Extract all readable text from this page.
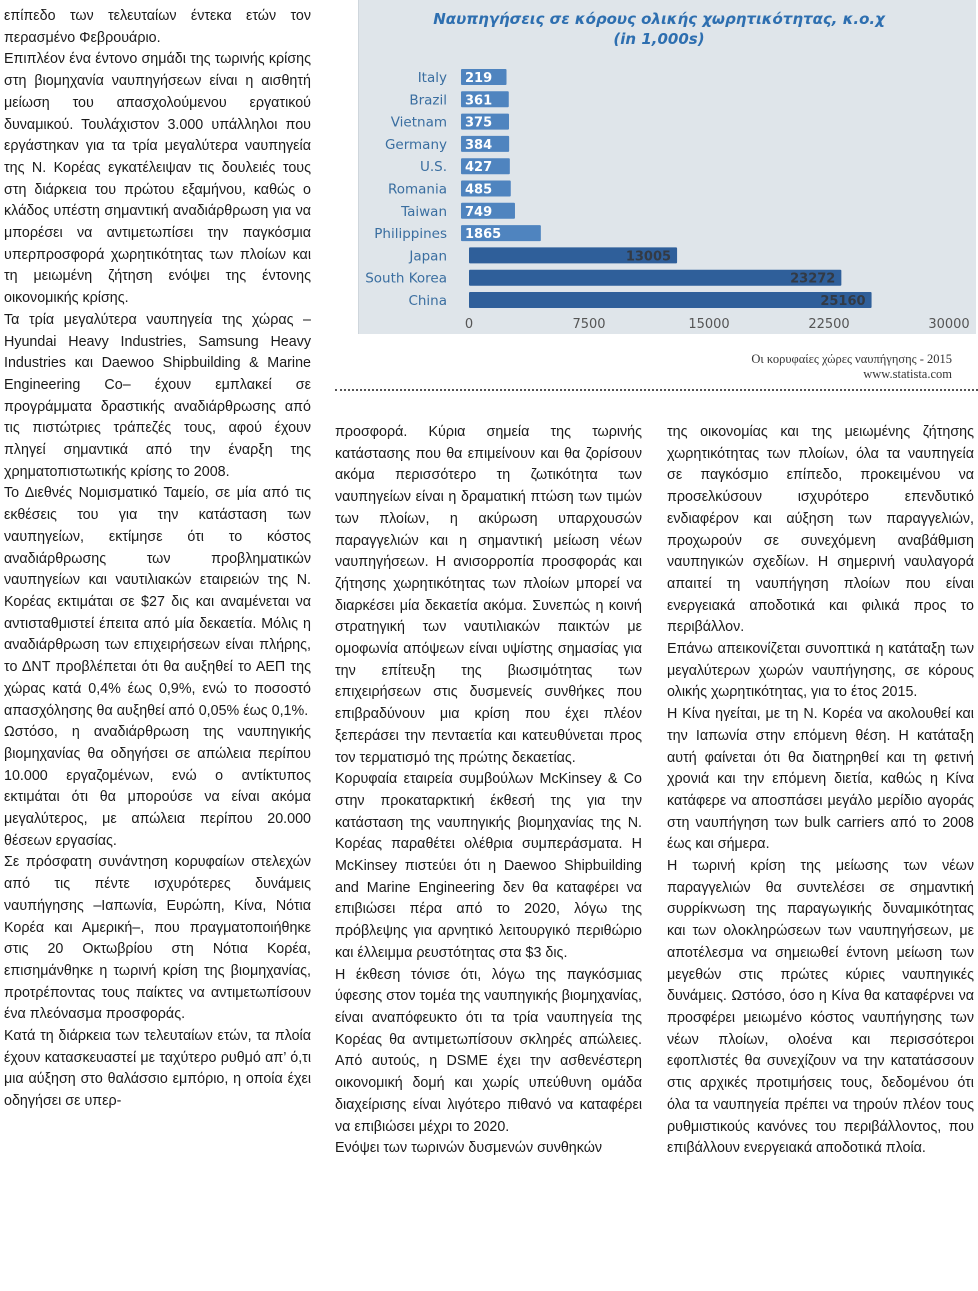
επίπεδο των τελευταίων έντεκα ετών τον περασμένο Φεβρουάριο.

Επιπλέον ένα έντονο σημάδι της τωρινής κρίσης στη βιομηχανία ναυπηγήσεων είναι η αισθητή μείωση του απασχολούμενου εργατικού δυναμικού. Τουλάχιστον 3.000 υπάλληλοι που εργάστηκαν για τα τρία μεγαλύτερα ναυπηγεία της Ν. Κορέας εγκατέλειψαν τις δουλειές τους στη διάρκεια του πρώτου εξαμήνου, καθώς ο κλάδος υπέστη σημαντική αναδιάρθρωση για να μπορέσει να αντιμετωπίσει την παγκόσμια υπερπροσφορά χωρητικότητας των πλοίων και τη μειωμένη ζήτηση ενόψει της έντονης οικονομικής κρίσης.

Τα τρία μεγαλύτερα ναυπηγεία της χώρας –Hyundai Heavy Industries, Samsung Heavy Industries και Daewoo Shipbuilding & Marine Engineering Co– έχουν εμπλακεί σε προγράμματα δραστικής αναδιάρθρωσης από τις πιστώτριες τράπεζές τους, αφού έχουν πληγεί σημαντικά από την έναρξη της χρηματοπιστωτικής κρίσης το 2008.

Το Διεθνές Νομισματικό Ταμείο, σε μία από τις εκθέσεις του για την κατάσταση των ναυπηγείων, εκτίμησε ότι το κόστος αναδιάρθρωσης των προβληματικών ναυπηγείων και ναυτιλιακών εταιρειών της Ν. Κορέας εκτιμάται σε $27 δις και αναμένεται να αντισταθμιστεί έπειτα από μία δεκαετία. Μόλις η αναδιάρθρωση των επιχειρήσεων είναι πλήρης, το ΔΝΤ προβλέπεται ότι θα αυξηθεί το ΑΕΠ της χώρας κατά 0,4% έως 0,9%, ενώ το ποσοστό απασχόλησης θα αυξηθεί από 0,05% έως 0,1%.

Ωστόσο, η αναδιάρθρωση της ναυπηγικής βιομηχανίας θα οδηγήσει σε απώλεια περίπου 10.000 εργαζομένων, ενώ ο αντίκτυπος εκτιμάται ότι θα μπορούσε να είναι ακόμα μεγαλύτερος, με απώλεια περίπου 20.000 θέσεων εργασίας.

Σε πρόσφατη συνάντηση κορυφαίων στελεχών από τις πέντε ισχυρότερες δυνάμεις ναυπήγησης –Ιαπωνία, Ευρώπη, Κίνα, Νότια Κορέα και Αμερική–, που πραγματοποιήθηκε στις 20 Οκτωβρίου στη Νότια Κορέα, επισημάνθηκε η τωρινή κρίση της βιομηχανίας, προτρέποντας τους παίκτες να αντιμετωπίσουν ένα πλεόνασμα προσφοράς.

Κατά τη διάρκεια των τελευταίων ετών, τα πλοία έχουν κατασκευαστεί με ταχύτερο ρυθμό απ’ ό,τι μια αύξηση στο θαλάσσιο εμπόριο, η οποία έχει οδηγήσει σε υπερ-

Ναυπηγήσεις σε κόρους ολικής χωρητικότητας, κ.ο.χ
(in 1,000s)
Italy 219
Brazil 361
Vietnam 375
Germany 384
U.S. 427
Romania 485
Taiwan 749
Philippines 1865
Japan	13005
South Korea	23272
China	25160
0	7500	15000	22500	30000
Οι κορυφαίες χώρες ναυπήγησης - 2015
www.statista.com

προσφορά. Κύρια σημεία της τωρινής κατάστασης που θα επιμείνουν και θα ζορίσουν ακόμα περισσότερο τη ζωτικότητα των ναυπηγείων είναι η δραματική πτώση των τιμών των πλοίων, η ακύρωση υπαρχουσών παραγγελιών και η σημαντική μείωση νέων ναυπηγήσεων. Η ανισορροπία προσφοράς και ζήτησης χωρητικότητας των πλοίων μπορεί να διαρκέσει μία δεκαετία ακόμα. Συνεπώς η κοινή στρατηγική των ναυτιλιακών παικτών με ομοφωνία απόψεων είναι υψίστης σημασίας για την επίτευξη της βιωσιμότητας των επιχειρήσεων στις δυσμενείς συνθήκες που επιβραδύνουν μια κρίση που έχει πλέον ξεπεράσει την πενταετία και κατευθύνεται προς τον τερματισμό της πρώτης δεκαετίας.

Κορυφαία εταιρεία συμβούλων McKinsey & Co στην προκαταρκτική έκθεσή της για την κατάσταση της ναυπηγικής βιομηχανίας της Ν. Κορέας παραθέτει ολέθρια συμπεράσματα. Η McKinsey πιστεύει ότι η Daewoo Shipbuilding and Marine Engineering δεν θα καταφέρει να επιβιώσει πέρα από το 2020, λόγω της πρόβλεψης για αρνητικό λειτουργικό περιθώριο και έλλειμμα ρευστότητας στα $3 δις.

Η έκθεση τόνισε ότι, λόγω της παγκόσμιας ύφεσης στον τομέα της ναυπηγικής βιομηχανίας, είναι αναπόφευκτο ότι τα τρία ναυπηγεία της Κορέας θα αντιμετωπίσουν σκληρές απώλειες. Από αυτούς, η DSME έχει την ασθενέστερη οικονομική δομή και χωρίς υπεύθυνη ομάδα διαχείρισης είναι λιγότερο πιθανό να καταφέρει να επιβιώσει μέχρι το 2020.

Ενόψει των τωρινών δυσμενών συνθηκών

της οικονομίας και της μειωμένης ζήτησης χωρητικότητας των πλοίων, όλα τα ναυπηγεία σε παγκόσμιο επίπεδο, προκειμένου να προσελκύσουν ισχυρότερο επενδυτικό ενδιαφέρον και αύξηση των παραγγελιών, προχωρούν σε συνεχόμενη αναβάθμιση ναυπηγικών σχεδίων. Η σημερινή ναυλαγορά απαιτεί τη ναυπήγηση πλοίων που είναι ενεργειακά αποδοτικά και φιλικά προς το περιβάλλον.

Επάνω απεικονίζεται συνοπτικά η κατάταξη των μεγαλύτερων χωρών ναυπήγησης, σε κόρους ολικής χωρητικότητας, για το έτος 2015.

Η Κίνα ηγείται, με τη Ν. Κορέα να ακολουθεί και την Ιαπωνία στην επόμενη θέση. Η κατάταξη αυτή φαίνεται ότι θα διατηρηθεί και τη φετινή χρονιά και την επόμενη διετία, καθώς η Κίνα κατάφερε να αποσπάσει μεγάλο μερίδιο αγοράς στη ναυπήγηση των bulk carriers από το 2008 έως και σήμερα.

Η τωρινή κρίση της μείωσης των νέων παραγγελιών θα συντελέσει σε σημαντική συρρίκνωση της παραγωγικής δυναμικότητας και των ολοκληρώσεων των ναυπηγήσεων, με αποτέλεσμα να σημειωθεί έντονη μείωση των μεγεθών στις πρώτες κύριες ναυπηγικές δυνάμεις. Ωστόσο, όσο η Κίνα θα καταφέρνει να προσφέρει μειωμένο κόστος ναυπήγησης των νέων πλοίων, ολοένα και περισσότεροι εφοπλιστές θα συνεχίζουν να την κατατάσσουν στις αρχικές προτιμήσεις τους, δεδομένου ότι όλα τα ναυπηγεία πρέπει να τηρούν πλέον τους ρυθμιστικούς κανόνες του περιβάλλοντος, που επιβάλλουν ενεργειακά αποδοτικά πλοία.
